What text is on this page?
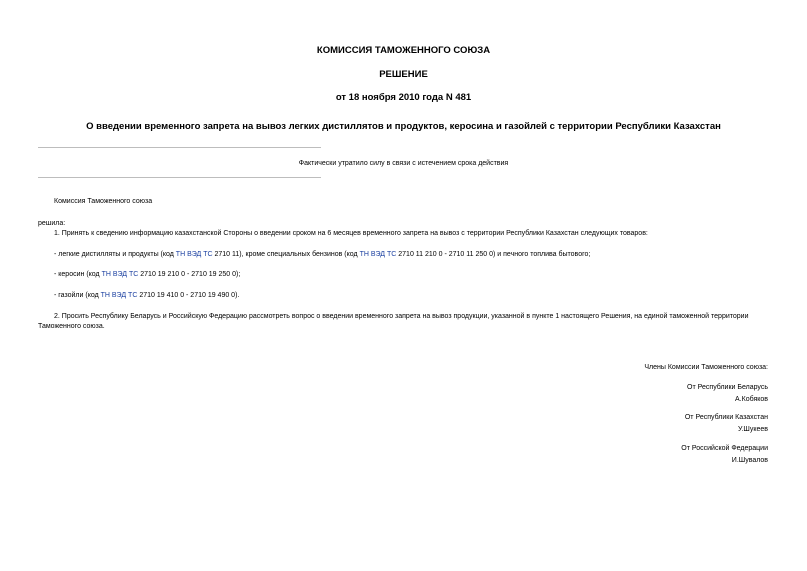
КОМИССИЯ ТАМОЖЕННОГО СОЮЗА
РЕШЕНИЕ
от 18 ноября 2010 года N 481
О введении временного запрета на вывоз легких дистиллятов и продуктов, керосина и газойлей с территории Республики Казахстан
Фактически утратило силу в связи с истечением срока действия
Комиссия Таможенного союза
решила:
1. Принять к сведению информацию казахстанской Стороны о введении сроком на 6 месяцев временного запрета на вывоз с территории Республики Казахстан следующих товаров:
- легкие дистилляты и продукты (код ТН ВЭД ТС 2710 11), кроме специальных бензинов (код ТН ВЭД ТС 2710 11 210 0 - 2710 11 250 0) и печного топлива бытового;
- керосин (код ТН ВЭД ТС 2710 19 210 0 - 2710 19 250 0);
- газойли (код ТН ВЭД ТС 2710 19 410 0 - 2710 19 490 0).
2. Просить Республику Беларусь и Российскую Федерацию рассмотреть вопрос о введении временного запрета на вывоз продукции, указанной в пункте 1 настоящего Решения, на единой таможенной территории Таможенного союза.
Члены Комиссии Таможенного союза:
От Республики Беларусь
А.Кобяков
От Республики Казахстан
У.Шукеев
От Российской Федерации
И.Шувалов
